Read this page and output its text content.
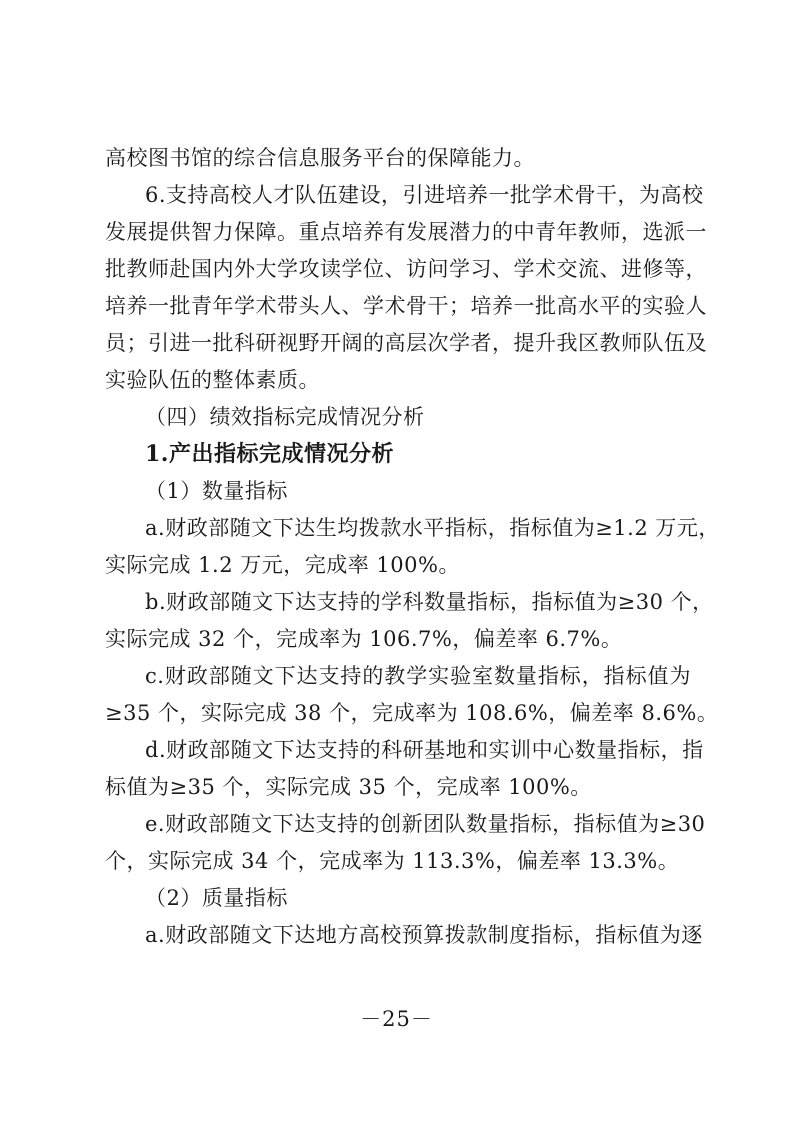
高校图书馆的综合信息服务平台的保障能力。
6.支持高校人才队伍建设，引进培养一批学术骨干，为高校
发展提供智力保障。重点培养有发展潜力的中青年教师，选派一
批教师赴国内外大学攻读学位、访问学习、学术交流、进修等，
培养一批青年学术带头人、学术骨干；培养一批高水平的实验人
员；引进一批科研视野开阔的高层次学者，提升我区教师队伍及
实验队伍的整体素质。
（四）绩效指标完成情况分析
1.产出指标完成情况分析
（1）数量指标
a.财政部随文下达生均拨款水平指标，指标值为≥1.2 万元，
实际完成 1.2 万元，完成率 100%。
b.财政部随文下达支持的学科数量指标，指标值为≥30 个，
实际完成 32 个，完成率为 106.7%，偏差率 6.7%。
c.财政部随文下达支持的教学实验室数量指标，指标值为
≥35 个，实际完成 38 个，完成率为 108.6%，偏差率 8.6%。
d.财政部随文下达支持的科研基地和实训中心数量指标，指
标值为≥35 个，实际完成 35 个，完成率 100%。
e.财政部随文下达支持的创新团队数量指标，指标值为≥30
个，实际完成 34 个，完成率为 113.3%，偏差率 13.3%。
（2）质量指标
a.财政部随文下达地方高校预算拨款制度指标，指标值为逐
－25－
